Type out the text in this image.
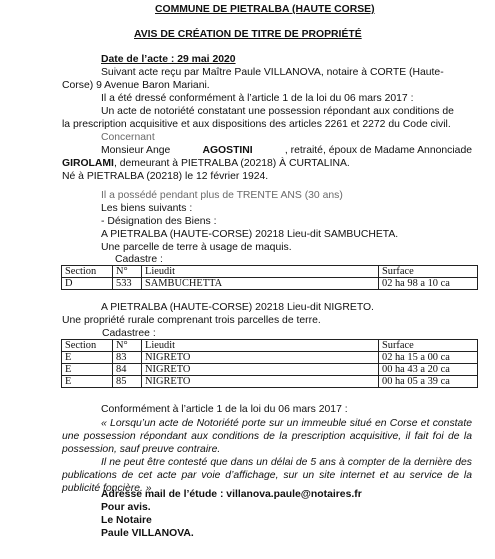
COMMUNE DE PIETRALBA (HAUTE CORSE)
AVIS DE CRÉATION DE TITRE DE PROPRIÉTÉ
Date de l’acte : 29 mai 2020
Suivant acte reçu par Maître Paule VILLANOVA, notaire à CORTE (Haute-
Corse) 9 Avenue Baron Mariani.
Il a été dressé conformément à l’article 1 de la loi du 06 mars 2017 :
Un acte de notoriété constatant une possession répondant aux conditions de
la prescription acquisitive et aux dispositions des articles 2261 et 2272 du Code civil.
Concernant
Monsieur Ange	AGOSTINI	, retraité, époux de Madame Annonciade
GIROLAMI, demeurant à PIETRALBA (20218) À CURTALINA.
Né à PIETRALBA (20218) le 12 février 1924.
Il a possédé pendant plus de TRENTE ANS (30 ans)
Les biens suivants :
- Désignation des Biens :
A PIETRALBA (HAUTE-CORSE) 20218 Lieu-dit SAMBUCHETA.
Une parcelle de terre à usage de maquis.
Cadastre :
Section	N°	Lieudit	Surface
D	533	SAMBUCHETTA	02 ha 98 a 10 ca
A PIETRALBA (HAUTE-CORSE) 20218 Lieu-dit NIGRETO.
Une propriété rurale comprenant trois parcelles de terre.
Cadastree :
Section	N°	Lieudit	Surface
E	83	NIGRETO	02 ha 15 a 00 ca
E	84	NIGRETO	00 ha 43 a 20 ca
E	85	NIGRETO	00 ha 05 a 39 ca
Conformément à l’article 1 de la loi du 06 mars 2017 :
« Lorsqu’un acte de Notoriété porte sur un immeuble situé en Corse et constate une possession répondant aux conditions de la prescription acquisitive, il fait foi de la possession, sauf preuve contraire.
Il ne peut être contesté que dans un délai de 5 ans à compter de la dernière des publications de cet acte par voie d’affichage, sur un site internet et au service de la publicité foncière. »
Adresse mail de l’étude : villanova.paule@notaires.fr
Pour avis.
Le Notaire
Paule VILLANOVA.
